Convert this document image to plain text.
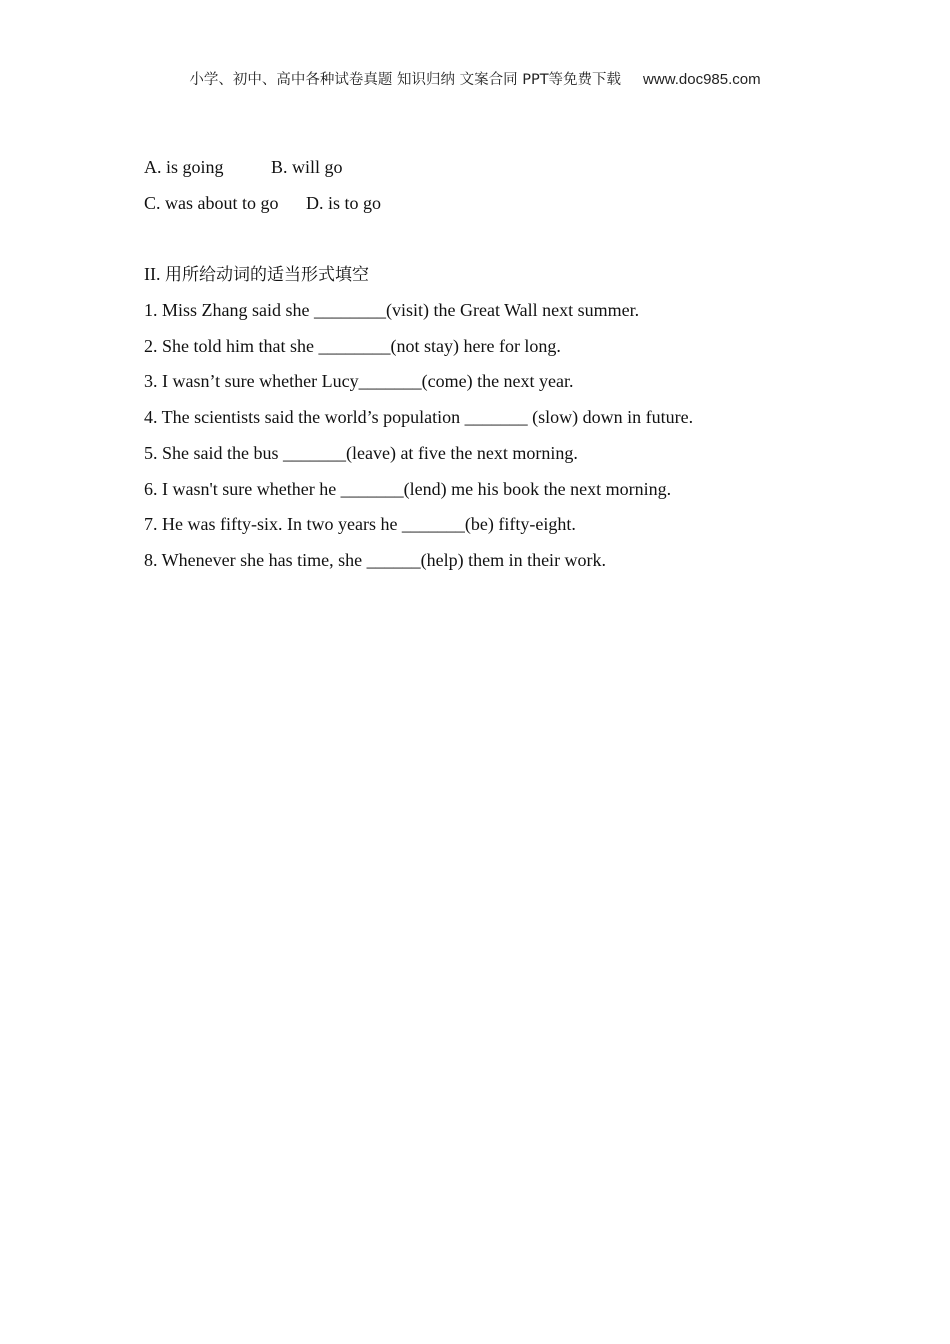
小学、初中、高中各种试卷真题 知识归纳 文案合同 PPT等免费下载 www.doc985.com
A. is going	B. will go
C. was about to go D. is to go
II. 用所给动词的适当形式填空
1. Miss Zhang said she ________(visit) the Great Wall next summer.
2. She told him that she ________(not stay) here for long.
3. I wasn’t sure whether Lucy_______(come) the next year.
4. The scientists said the world’s population _______ (slow) down in future.
5. She said the bus _______(leave) at five the next morning.
6. I wasn't sure whether he _______(lend) me his book the next morning.
7. He was fifty-six. In two years he _______(be) fifty-eight.
8. Whenever she has time, she ______(help) them in their work.
